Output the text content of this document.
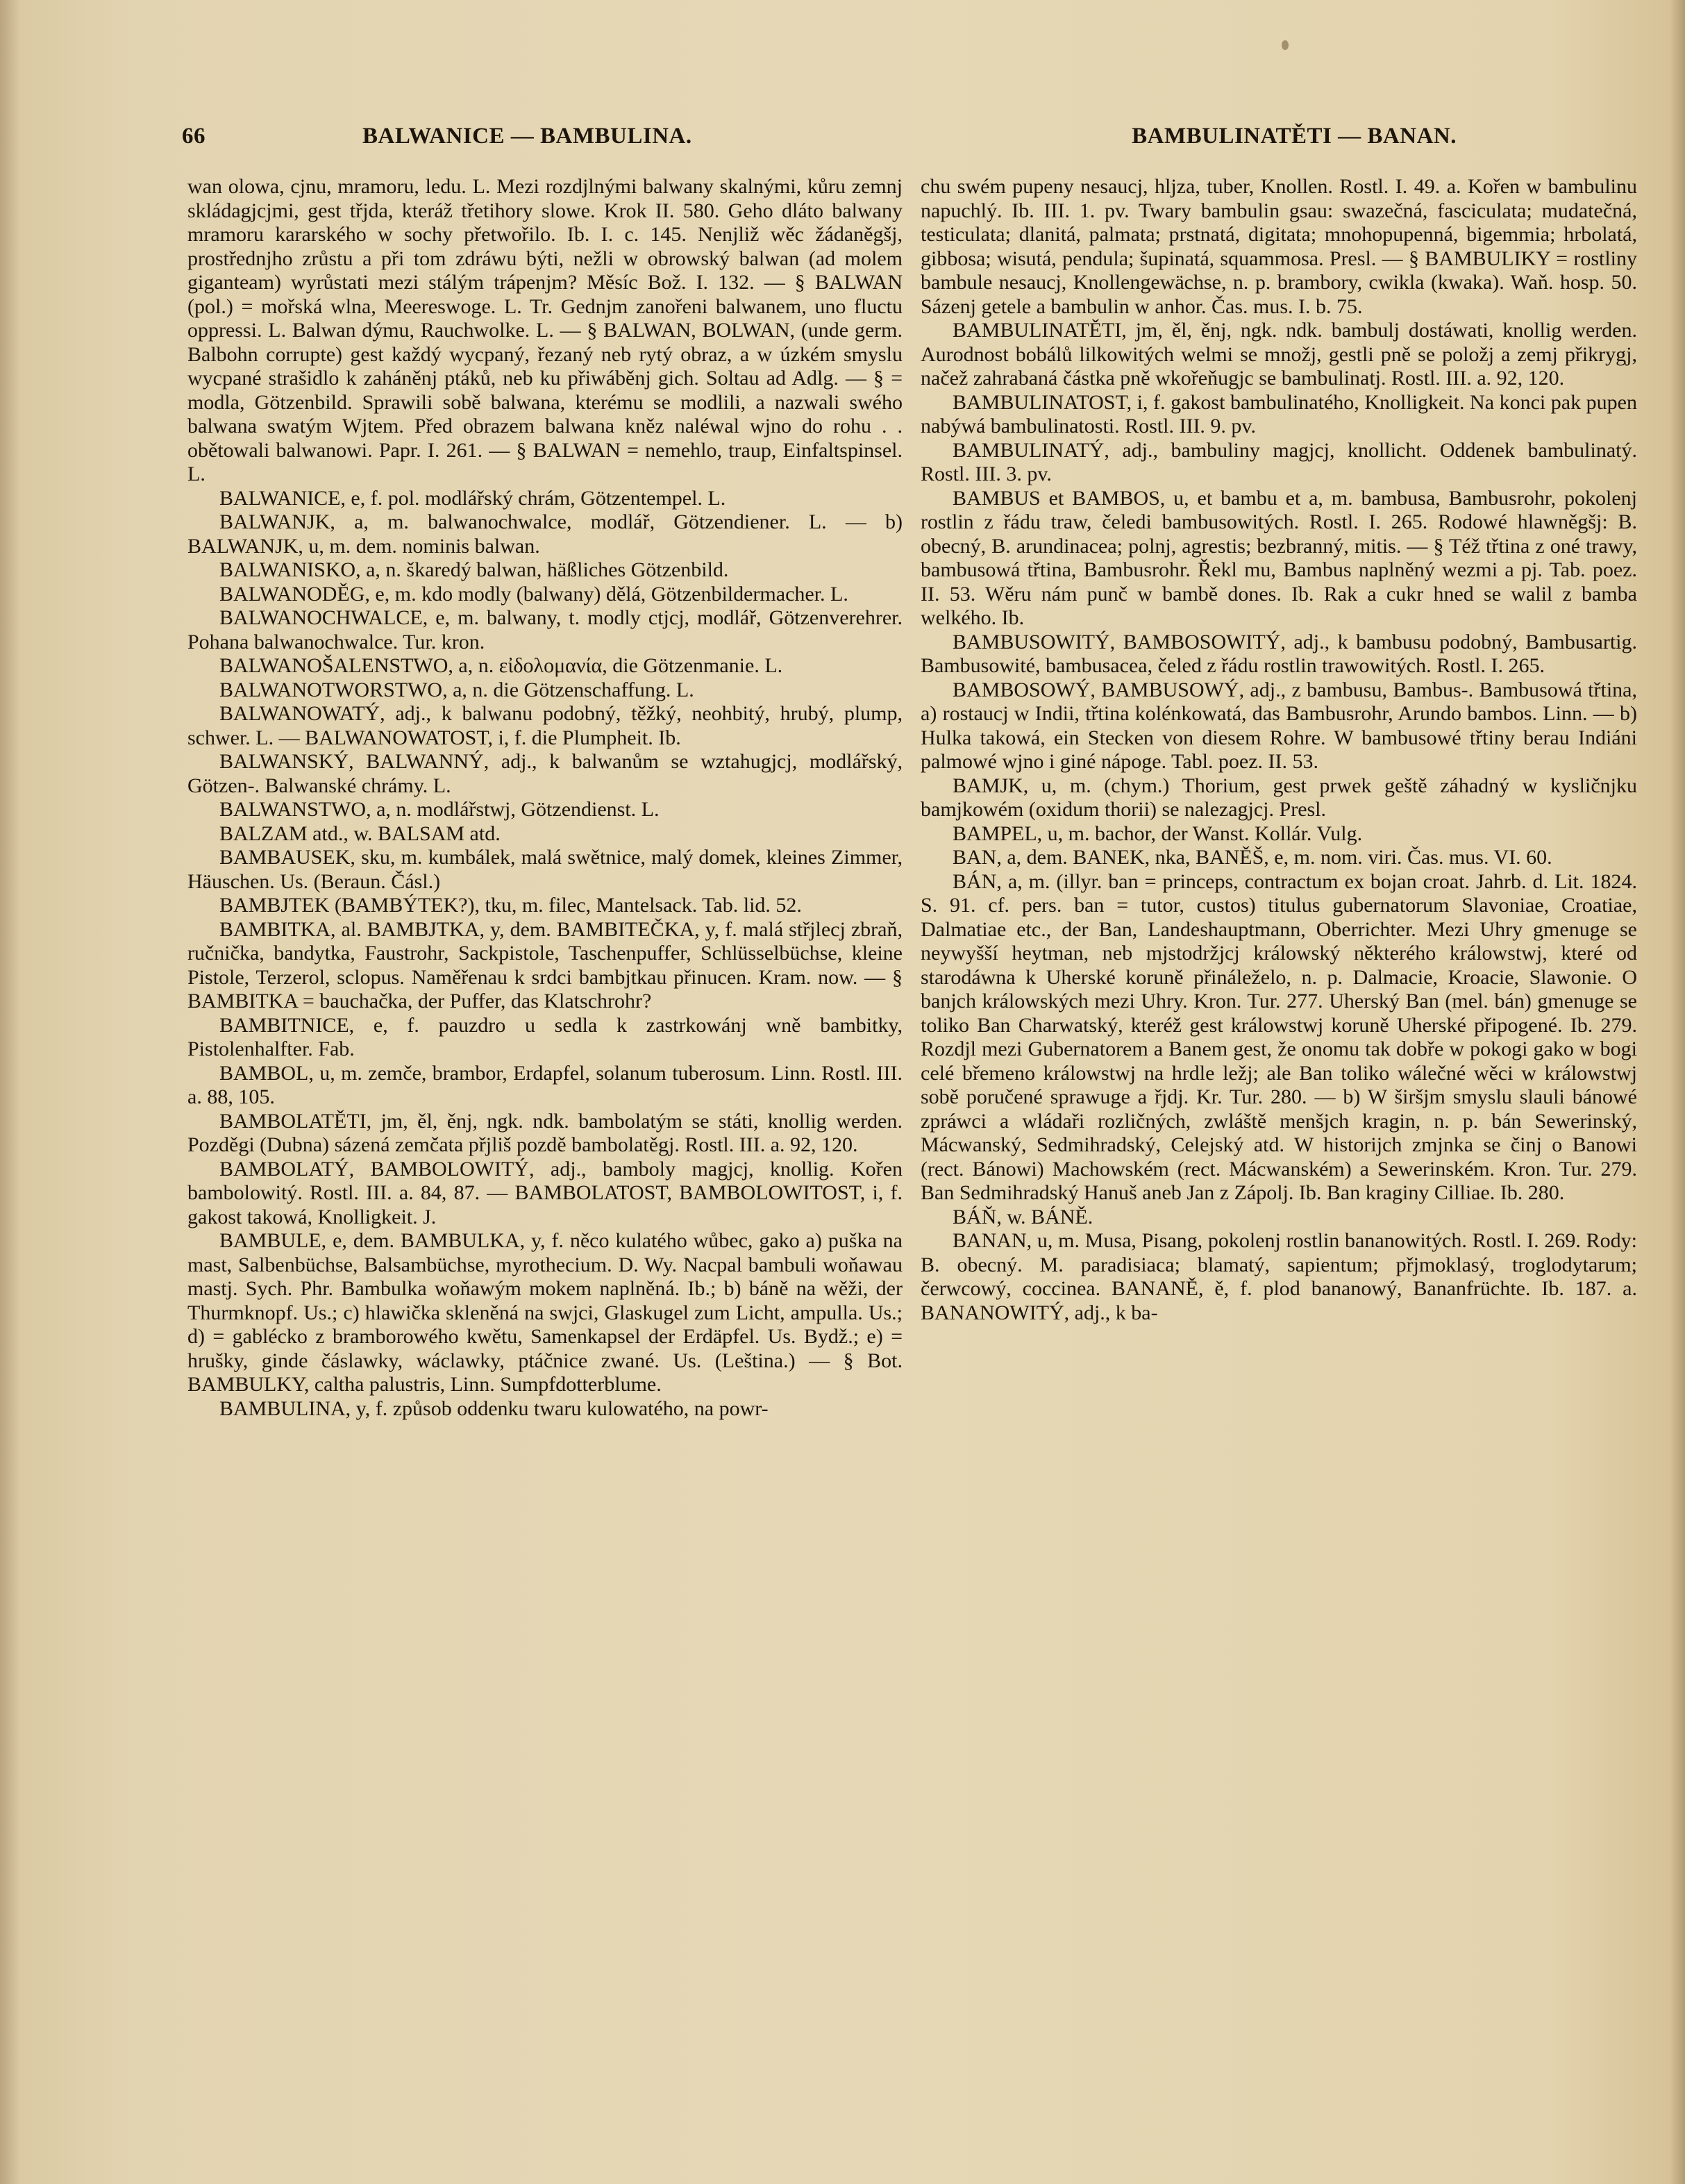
66	BALWANICE — BAMBULINA.	BAMBULINATĚTI — BANAN.

wan olowa, cjnu, mramoru, ledu. L. Mezi rozdjlnými balwany skalnými, kůru zemnj skládagjcjmi, gest třjda, kteráž třetihory slowe. Krok II. 580. Geho dláto balwany mramoru kararského w sochy přetwořilo. Ib. I. c. 145. Nenjliž wěc žádaněgšj, prostřednjho zrůstu a při tom zdráwu býti, nežli w obrowský balwan (ad molem giganteam) wyrůstati mezi stálým trápenjm? Měsíc Bož. I. 132. — § BALWAN (pol.) = mořská wlna, Meereswoge. L. Tr. Gednjm zanořeni balwanem, uno fluctu oppressi. L. Balwan dýmu, Rauchwolke. L. — § BALWAN, BOLWAN, (unde germ. Balbohn corrupte) gest každý wycpaný, řezaný neb rytý obraz, a w úzkém smyslu wycpané strašidlo k zaháněnj ptáků, neb ku přiwáběnj gich. Soltau ad Adlg. — § = modla, Götzenbild. Sprawili sobě balwana, kterému se modlili, a nazwali swého balwana swatým Wjtem. Před obrazem balwana kněz naléwal wjno do rohu . . obětowali balwanowi. Papr. I. 261. — § BALWAN = nemehlo, traup, Einfaltspinsel. L.

BALWANICE, e, f. pol. modlářský chrám, Götzentempel. L.

BALWANJK, a, m. balwanochwalce, modlář, Götzendiener. L. — b) BALWANJK, u, m. dem. nominis balwan.

BALWANISKO, a, n. škaredý balwan, häßliches Götzenbild.

BALWANODĚG, e, m. kdo modly (balwany) dělá, Götzenbildermacher. L.

BALWANOCHWALCE, e, m. balwany, t. modly ctjcj, modlář, Götzenverehrer. Pohana balwanochwalce. Tur. kron.

BALWANOŠALENSTWO, a, n. εἰδολομανία, die Götzenmanie. L.

BALWANOTWORSTWO, a, n. die Götzenschaffung. L.

BALWANOWATÝ, adj., k balwanu podobný, těžký, neohbitý, hrubý, plump, schwer. L. — BALWANOWATOST, i, f. die Plumpheit. Ib.

BALWANSKÝ, BALWANNÝ, adj., k balwanům se wztahugjcj, modlářský, Götzen-. Balwanské chrámy. L.

BALWANSTWO, a, n. modlářstwj, Götzendienst. L.

BALZAM atd., w. BALSAM atd.

BAMBAUSEK, sku, m. kumbálek, malá swětnice, malý domek, kleines Zimmer, Häuschen. Us. (Beraun. Čásl.)

BAMBJTEK (BAMBÝTEK?), tku, m. filec, Mantelsack. Tab. lid. 52.

BAMBITKA, al. BAMBJTKA, y, dem. BAMBITEČKA, y, f. malá střjlecj zbraň, ručnička, bandytka, Faustrohr, Sackpistole, Taschenpuffer, Schlüsselbüchse, kleine Pistole, Terzerol, sclopus. Naměřenau k srdci bambjtkau přinucen. Kram. now. — § BAMBITKA = bauchačka, der Puffer, das Klatschrohr?

BAMBITNICE, e, f. pauzdro u sedla k zastrkowánj wně bambitky, Pistolenhalfter. Fab.

BAMBOL, u, m. zemče, brambor, Erdapfel, solanum tuberosum. Linn. Rostl. III. a. 88, 105.

BAMBOLATĚTI, jm, ěl, ěnj, ngk. ndk. bambolatým se státi, knollig werden. Pozděgi (Dubna) sázená zemčata přjliš pozdě bambolatěgj. Rostl. III. a. 92, 120.

BAMBOLATÝ, BAMBOLOWITÝ, adj., bamboly magjcj, knollig. Kořen bambolowitý. Rostl. III. a. 84, 87. — BAMBOLATOST, BAMBOLOWITOST, i, f. gakost takowá, Knolligkeit. J.

BAMBULE, e, dem. BAMBULKA, y, f. něco kulatého wůbec, gako a) puška na mast, Salbenbüchse, Balsambüchse, myrothecium. D. Wy. Nacpal bambuli woňawau mastj. Sych. Phr. Bambulka woňawým mokem naplněná. Ib.; b) báně na wěži, der Thurmknopf. Us.; c) hlawička skleněná na swjci, Glaskugel zum Licht, ampulla. Us.; d) = gablécko z bramborowého kwětu, Samenkapsel der Erdäpfel. Us. Bydž.; e) = hrušky, ginde čáslawky, wáclawky, ptáčnice zwané. Us. (Leština.) — § Bot. BAMBULKY, caltha palustris, Linn. Sumpfdotterblume.

BAMBULINA, y, f. způsob oddenku twaru kulowatého, na powr-

chu swém pupeny nesaucj, hljza, tuber, Knollen. Rostl. I. 49. a. Kořen w bambulinu napuchlý. Ib. III. 1. pv. Twary bambulin gsau: swazečná, fasciculata; mudatečná, testiculata; dlanitá, palmata; prstnatá, digitata; mnohopupenná, bigemmia; hrbolatá, gibbosa; wisutá, pendula; šupinatá, squammosa. Presl. — § BAMBULIKY = rostliny bambule nesaucj, Knollengewächse, n. p. brambory, cwikla (kwaka). Waň. hosp. 50. Sázenj getele a bambulin w anhor. Čas. mus. I. b. 75.

BAMBULINATĚTI, jm, ěl, ěnj, ngk. ndk. bambulj dostáwati, knollig werden. Aurodnost bobálů lilkowitých welmi se množj, gestli pně se položj a zemj přikrygj, načež zahrabaná částka pně wkořeňugjc se bambulinatj. Rostl. III. a. 92, 120.

BAMBULINATOST, i, f. gakost bambulinatého, Knolligkeit. Na konci pak pupen nabýwá bambulinatosti. Rostl. III. 9. pv.

BAMBULINATÝ, adj., bambuliny magjcj, knollicht. Oddenek bambulinatý. Rostl. III. 3. pv.

BAMBUS et BAMBOS, u, et bambu et a, m. bambusa, Bambusrohr, pokolenj rostlin z řádu traw, čeledi bambusowitých. Rostl. I. 265. Rodowé hlawněgšj: B. obecný, B. arundinacea; polnj, agrestis; bezbranný, mitis. — § Též třtina z oné trawy, bambusowá třtina, Bambusrohr. Řekl mu, Bambus naplněný wezmi a pj. Tab. poez. II. 53. Wěru nám punč w bambě dones. Ib. Rak a cukr hned se walil z bamba welkého. Ib.

BAMBUSOWITÝ, BAMBOSOWITÝ, adj., k bambusu podobný, Bambusartig. Bambusowité, bambusacea, čeled z řádu rostlin trawowitých. Rostl. I. 265.

BAMBOSOWÝ, BAMBUSOWÝ, adj., z bambusu, Bambus-. Bambusowá třtina, a) rostaucj w Indii, třtina kolénkowatá, das Bambusrohr, Arundo bambos. Linn. — b) Hulka takowá, ein Stecken von diesem Rohre. W bambusowé třtiny berau Indiáni palmowé wjno i giné nápoge. Tabl. poez. II. 53.

BAMJK, u, m. (chym.) Thorium, gest prwek geště záhadný w kysličnjku bamjkowém (oxidum thorii) se nalezagjcj. Presl.

BAMPEL, u, m. bachor, der Wanst. Kollár. Vulg.

BAN, a, dem. BANEK, nka, BANĚŠ, e, m. nom. viri. Čas. mus. VI. 60.

BÁN, a, m. (illyr. ban = princeps, contractum ex bojan croat. Jahrb. d. Lit. 1824. S. 91. cf. pers. ban = tutor, custos) titulus gubernatorum Slavoniae, Croatiae, Dalmatiae etc., der Ban, Landeshauptmann, Oberrichter. Mezi Uhry gmenuge se neywyšší heytman, neb mjstodržjcj králowský některého králowstwj, které od starodáwna k Uherské koruně přináleželo, n. p. Dalmacie, Kroacie, Slawonie. O banjch králowských mezi Uhry. Kron. Tur. 277. Uherský Ban (mel. bán) gmenuge se toliko Ban Charwatský, kteréž gest králowstwj koruně Uherské připogené. Ib. 279. Rozdjl mezi Gubernatorem a Banem gest, že onomu tak dobře w pokogi gako w bogi celé břemeno králowstwj na hrdle ležj; ale Ban toliko wálečné wěci w králowstwj sobě poručené sprawuge a řjdj. Kr. Tur. 280. — b) W širšjm smyslu slauli bánowé zpráwci a wládaři rozličných, zwláště menšjch kragin, n. p. bán Sewerinský, Mácwanský, Sedmihradský, Celejský atd. W historijch zmjnka se činj o Banowi (rect. Bánowi) Machowském (rect. Mácwanském) a Sewerinském. Kron. Tur. 279. Ban Sedmihradský Hanuš aneb Jan z Zápolj. Ib. Ban kraginy Cilliae. Ib. 280.

BÁŇ, w. BÁNĚ.

BANAN, u, m. Musa, Pisang, pokolenj rostlin bananowitých. Rostl. I. 269. Rody: B. obecný. M. paradisiaca; blamatý, sapientum; přjmoklasý, troglodytarum; čerwcowý, coccinea. BANANĚ, ě, f. plod bananowý, Bananfrüchte. Ib. 187. a. BANANOWITÝ, adj., k ba-
